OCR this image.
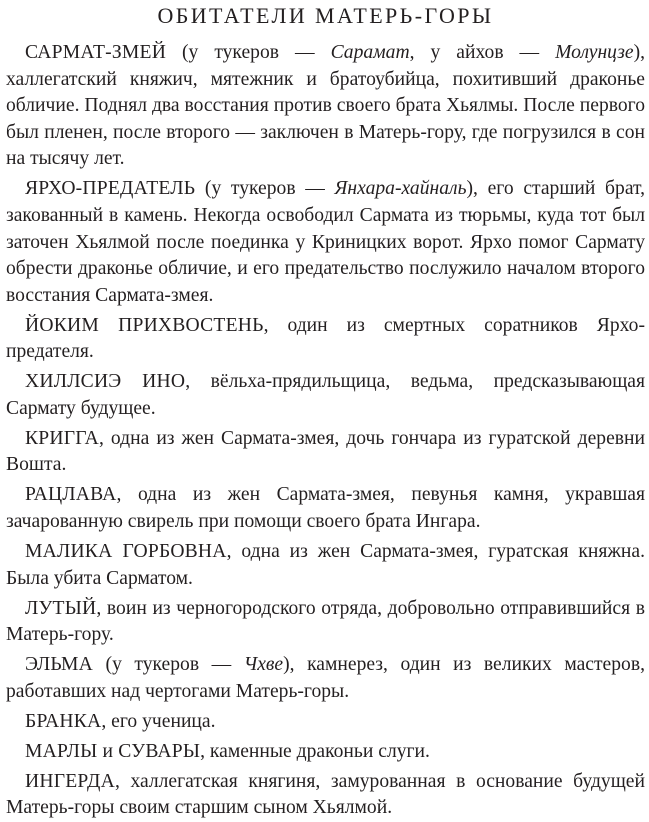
ОБИТАТЕЛИ МАТЕРЬ-ГОРЫ

САРМАТ-ЗМЕЙ (у тукеров — Сарамат, у айхов — Молунцзе), халлегатский княжич, мятежник и братоубийца, похитивший драконье обличие. Поднял два восстания против своего брата Хьялмы. После первого был пленен, после второго — заключен в Матерь-гору, где погрузился в сон на тысячу лет.

ЯРХО-ПРЕДАТЕЛЬ (у тукеров — Янхара-хайналь), его старший брат, закованный в камень. Некогда освободил Сармата из тюрьмы, куда тот был заточен Хьялмой после поединка у Криницких ворот. Ярхо помог Сармату обрести драконье обличие, и его предательство послужило началом второго восстания Сармата-змея.

ЙОКИМ ПРИХВОСТЕНЬ, один из смертных соратников Ярхо-предателя.

ХИЛЛСИЭ ИНО, вёльха-прядильщица, ведьма, предсказывающая Сармату будущее.

КРИГГА, одна из жен Сармата-змея, дочь гончара из гуратской деревни Вошта.

РАЦЛАВА, одна из жен Сармата-змея, певунья камня, укравшая зачарованную свирель при помощи своего брата Ингара.

МАЛИКА ГОРБОВНА, одна из жен Сармата-змея, гуратская княжна. Была убита Сарматом.

ЛУТЫЙ, воин из черногородского отряда, добровольно отправившийся в Матерь-гору.

ЭЛЬМА (у тукеров — Чхве), камнерез, один из великих мастеров, работавших над чертогами Матерь-горы.

БРАНКА, его ученица.

МАРЛЫ и СУВАРЫ, каменные драконьи слуги.

ИНГЕРДА, халлегатская княгиня, замурованная в основание будущей Матерь-горы своим старшим сыном Хьялмой.
